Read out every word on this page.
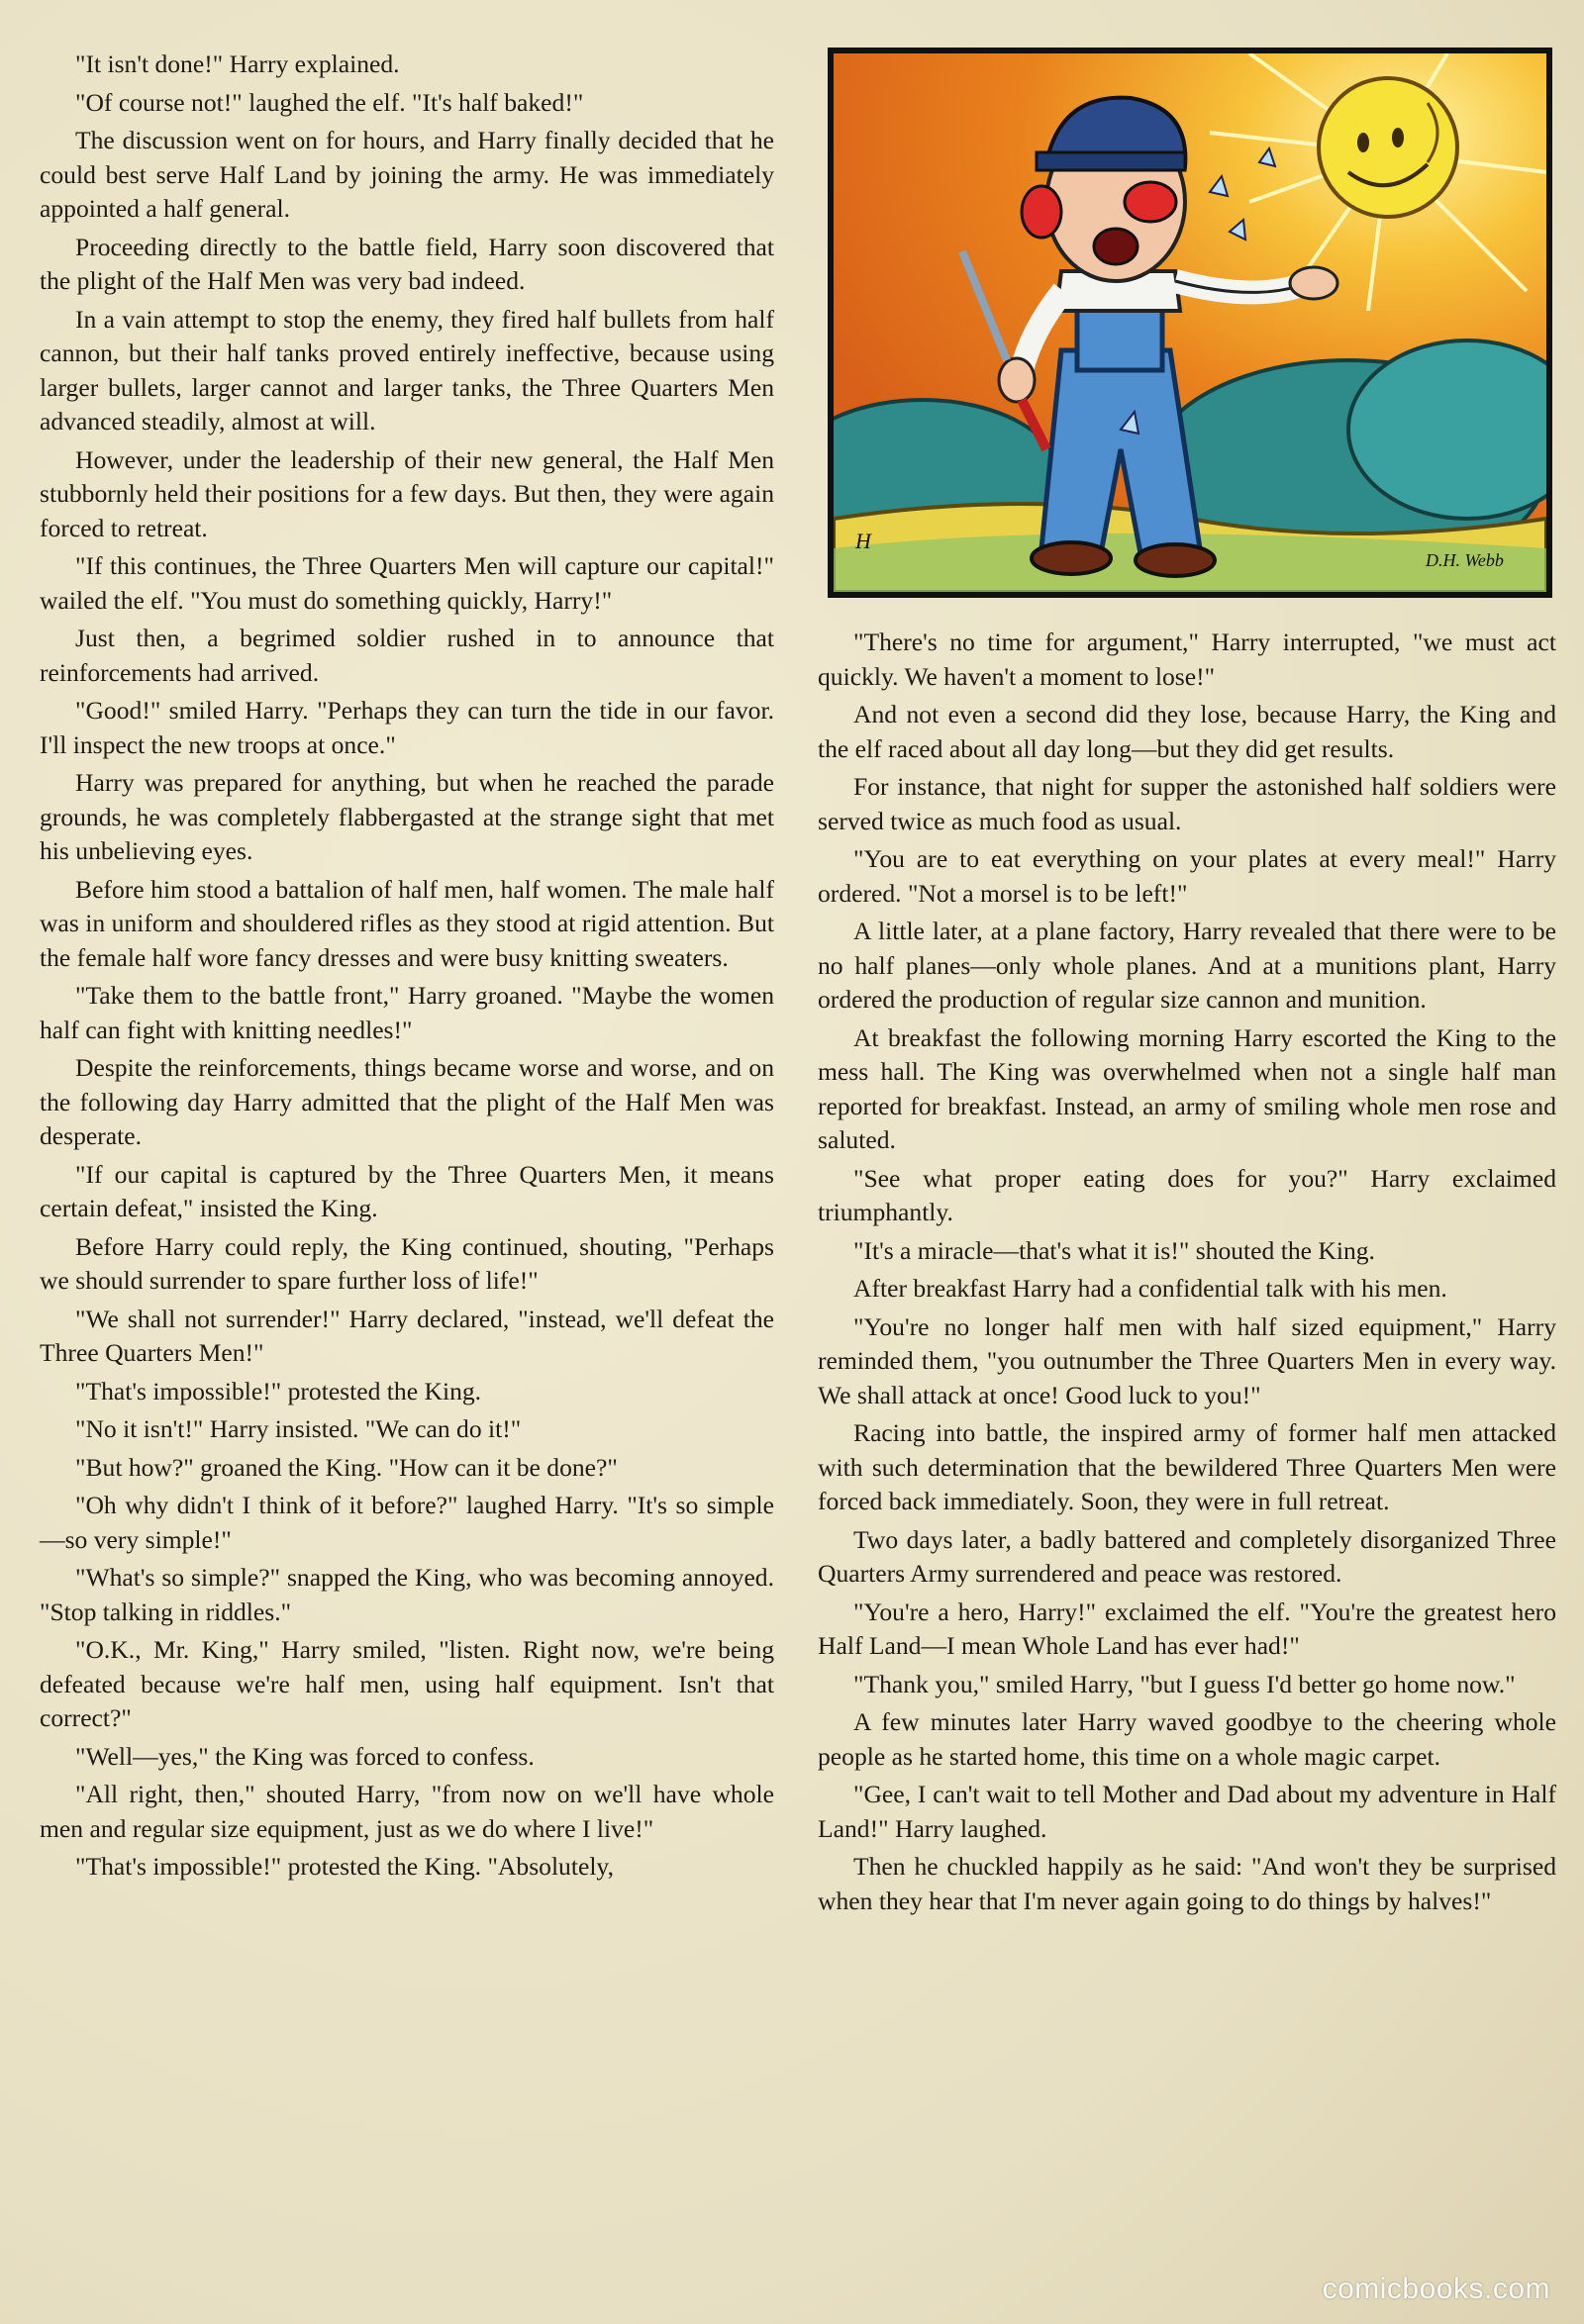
H
D.H. Webb

"It isn't done!" Harry explained.

"Of course not!" laughed the elf. "It's half baked!"

The discussion went on for hours, and Harry finally decided that he could best serve Half Land by joining the army. He was immediately appointed a half general.

Proceeding directly to the battle field, Harry soon discovered that the plight of the Half Men was very bad indeed.

In a vain attempt to stop the enemy, they fired half bullets from half cannon, but their half tanks proved entirely ineffective, because using larger bullets, larger cannot and larger tanks, the Three Quarters Men advanced steadily, almost at will.

However, under the leadership of their new general, the Half Men stubbornly held their positions for a few days. But then, they were again forced to retreat.

"If this continues, the Three Quarters Men will capture our capital!" wailed the elf. "You must do something quickly, Harry!"

Just then, a begrimed soldier rushed in to announce that reinforcements had arrived.

"Good!" smiled Harry. "Perhaps they can turn the tide in our favor. I'll inspect the new troops at once."

Harry was prepared for anything, but when he reached the parade grounds, he was completely flabbergasted at the strange sight that met his unbelieving eyes.

Before him stood a battalion of half men, half women. The male half was in uniform and shouldered rifles as they stood at rigid attention. But the female half wore fancy dresses and were busy knitting sweaters.

"Take them to the battle front," Harry groaned. "Maybe the women half can fight with knitting needles!"

Despite the reinforcements, things became worse and worse, and on the following day Harry admitted that the plight of the Half Men was desperate.

"If our capital is captured by the Three Quarters Men, it means certain defeat," insisted the King.

Before Harry could reply, the King continued, shouting, "Perhaps we should surrender to spare further loss of life!"

"We shall not surrender!" Harry declared, "instead, we'll defeat the Three Quarters Men!"

"That's impossible!" protested the King.

"No it isn't!" Harry insisted. "We can do it!"

"But how?" groaned the King. "How can it be done?"

"Oh why didn't I think of it before?" laughed Harry. "It's so simple—so very simple!"

"What's so simple?" snapped the King, who was becoming annoyed. "Stop talking in riddles."

"O.K., Mr. King," Harry smiled, "listen. Right now, we're being defeated because we're half men, using half equipment. Isn't that correct?"

"Well—yes," the King was forced to confess.

"All right, then," shouted Harry, "from now on we'll have whole men and regular size equipment, just as we do where I live!"

"That's impossible!" protested the King. "Absolutely,

"There's no time for argument," Harry interrupted, "we must act quickly. We haven't a moment to lose!"

And not even a second did they lose, because Harry, the King and the elf raced about all day long—but they did get results.

For instance, that night for supper the astonished half soldiers were served twice as much food as usual.

"You are to eat everything on your plates at every meal!" Harry ordered. "Not a morsel is to be left!"

A little later, at a plane factory, Harry revealed that there were to be no half planes—only whole planes. And at a munitions plant, Harry ordered the production of regular size cannon and munition.

At breakfast the following morning Harry escorted the King to the mess hall. The King was overwhelmed when not a single half man reported for breakfast. Instead, an army of smiling whole men rose and saluted.

"See what proper eating does for you?" Harry exclaimed triumphantly.

"It's a miracle—that's what it is!" shouted the King.

After breakfast Harry had a confidential talk with his men.

"You're no longer half men with half sized equipment," Harry reminded them, "you outnumber the Three Quarters Men in every way. We shall attack at once! Good luck to you!"

Racing into battle, the inspired army of former half men attacked with such determination that the bewildered Three Quarters Men were forced back immediately. Soon, they were in full retreat.

Two days later, a badly battered and completely disorganized Three Quarters Army surrendered and peace was restored.

"You're a hero, Harry!" exclaimed the elf. "You're the greatest hero Half Land—I mean Whole Land has ever had!"

"Thank you," smiled Harry, "but I guess I'd better go home now."

A few minutes later Harry waved goodbye to the cheering whole people as he started home, this time on a whole magic carpet.

"Gee, I can't wait to tell Mother and Dad about my adventure in Half Land!" Harry laughed.

Then he chuckled happily as he said: "And won't they be surprised when they hear that I'm never again going to do things by halves!"

comicbooks.com
